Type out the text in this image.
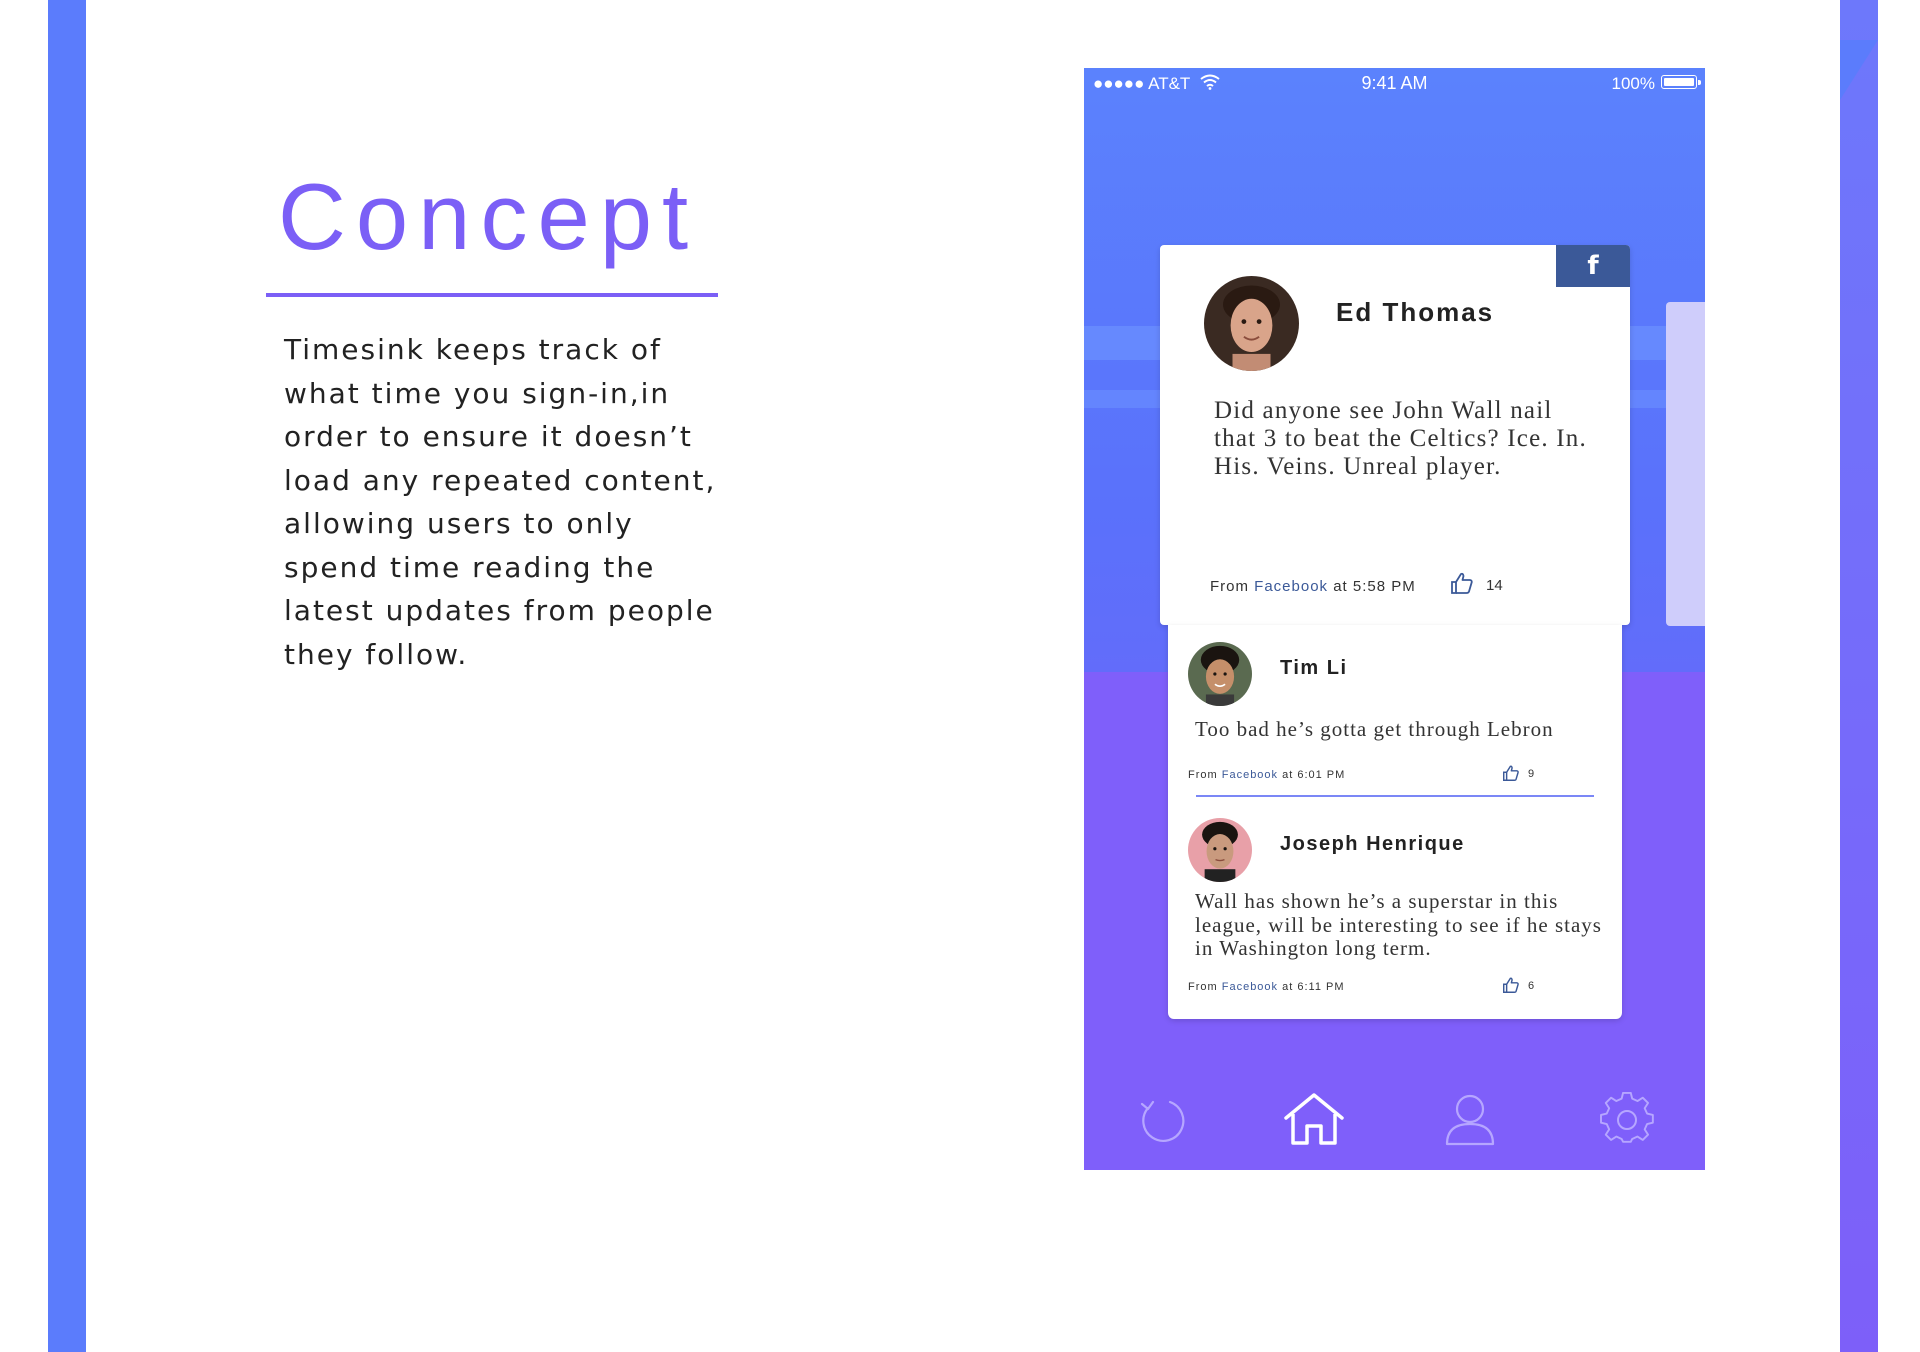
Concept

Timesink keeps track of what time you sign-in,in order to ensure it doesn’t load any repeated content, allowing users to only spend time reading the latest updates from people they follow.

●●●●● AT&T	9:41 AM	100%
f
Ed Thomas
Did anyone see John Wall nail that 3 to beat the Celtics? Ice. In. His. Veins. Unreal player.
From Facebook at 5:58 PM	14
Tim Li
Too bad he’s gotta get through Lebron
From Facebook at 6:01 PM	9
Joseph Henrique
Wall has shown he’s a superstar in this league, will be interesting to see if he stays in Washington long term.
From Facebook at 6:11 PM	6
